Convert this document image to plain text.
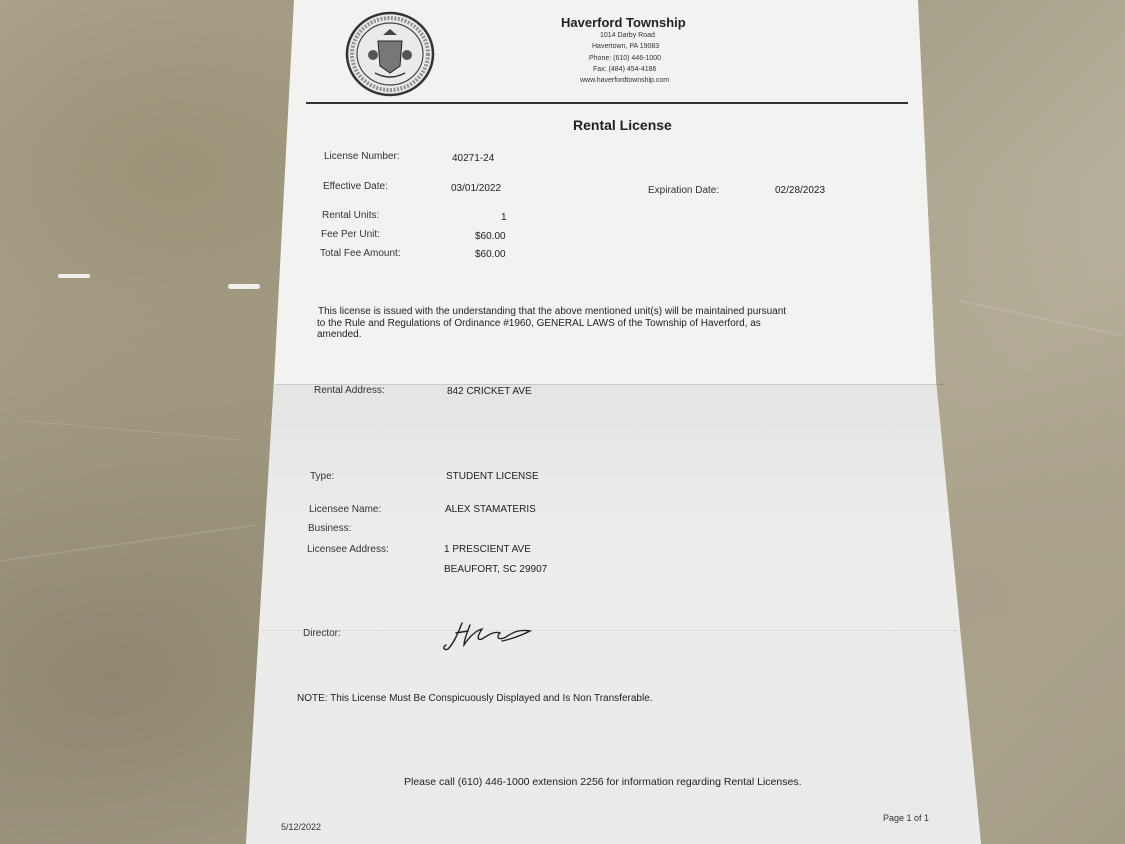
Haverford Township
1014 Darby Road
Havertown, PA 19083
Phone: (610) 446-1000
Fax: (484) 454-4186
www.haverfordtownship.com
Rental License
License Number:	40271-24
Effective Date:	03/01/2022	Expiration Date:	02/28/2023
Rental Units:	1
Fee Per Unit:	$60.00
Total Fee Amount:	$60.00
This license is issued with the understanding that the above mentioned unit(s) will be maintained pursuant
to the Rule and Regulations of Ordinance #1960, GENERAL LAWS of the Township of Haverford, as
amended.
Rental Address:	842 CRICKET AVE
Type:	STUDENT LICENSE
Licensee Name:	ALEX STAMATERIS
Business:
Licensee Address:	1 PRESCIENT AVE
BEAUFORT, SC 29907
Director:
NOTE: This License Must Be Conspicuously Displayed and Is Non Transferable.
Please call (610) 446-1000 extension 2256 for information regarding Rental Licenses.
5/12/2022
Page 1 of 1
